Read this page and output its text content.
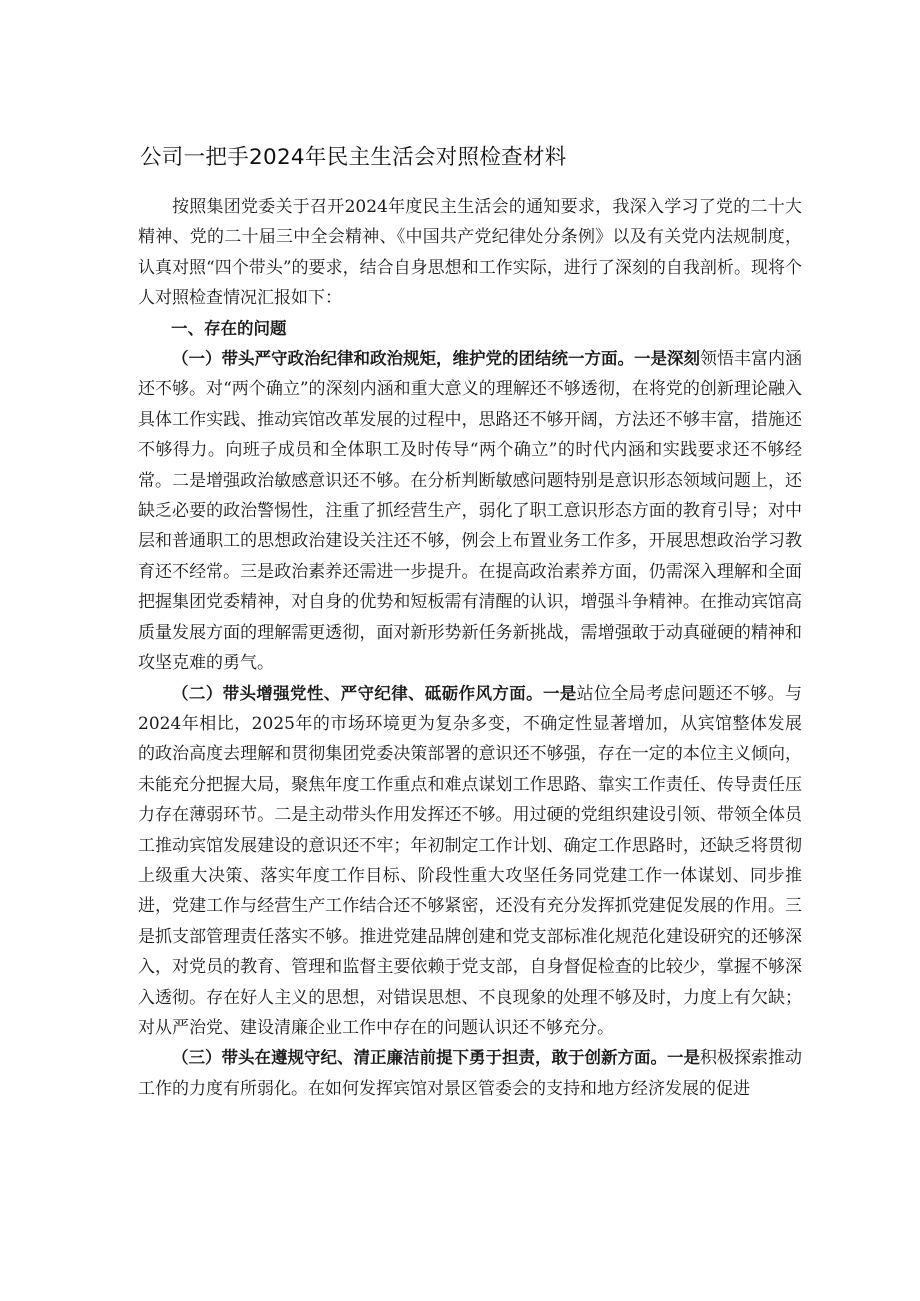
公司一把手2024年民主生活会对照检查材料

按照集团党委关于召开2024年度民主生活会的通知要求，我深入学习了党的二十大精神、党的二十届三中全会精神、《中国共产党纪律处分条例》以及有关党内法规制度，认真对照“四个带头”的要求，结合自身思想和工作实际，进行了深刻的自我剖析。现将个人对照检查情况汇报如下：

一、存在的问题

（一）带头严守政治纪律和政治规矩，维护党的团结统一方面。一是深刻领悟丰富内涵还不够。对“两个确立”的深刻内涵和重大意义的理解还不够透彻，在将党的创新理论融入具体工作实践、推动宾馆改革发展的过程中，思路还不够开阔，方法还不够丰富，措施还不够得力。向班子成员和全体职工及时传导“两个确立”的时代内涵和实践要求还不够经常。二是增强政治敏感意识还不够。在分析判断敏感问题特别是意识形态领域问题上，还缺乏必要的政治警惕性，注重了抓经营生产，弱化了职工意识形态方面的教育引导；对中层和普通职工的思想政治建设关注还不够，例会上布置业务工作多，开展思想政治学习教育还不经常。三是政治素养还需进一步提升。在提高政治素养方面，仍需深入理解和全面把握集团党委精神，对自身的优势和短板需有清醒的认识，增强斗争精神。在推动宾馆高质量发展方面的理解需更透彻，面对新形势新任务新挑战，需增强敢于动真碰硬的精神和攻坚克难的勇气。

（二）带头增强党性、严守纪律、砥砺作风方面。一是站位全局考虑问题还不够。与2024年相比，2025年的市场环境更为复杂多变，不确定性显著增加，从宾馆整体发展的政治高度去理解和贯彻集团党委决策部署的意识还不够强，存在一定的本位主义倾向，未能充分把握大局，聚焦年度工作重点和难点谋划工作思路、靠实工作责任、传导责任压力存在薄弱环节。二是主动带头作用发挥还不够。用过硬的党组织建设引领、带领全体员工推动宾馆发展建设的意识还不牢；年初制定工作计划、确定工作思路时，还缺乏将贯彻上级重大决策、落实年度工作目标、阶段性重大攻坚任务同党建工作一体谋划、同步推进，党建工作与经营生产工作结合还不够紧密，还没有充分发挥抓党建促发展的作用。三是抓支部管理责任落实不够。推进党建品牌创建和党支部标准化规范化建设研究的还够深入，对党员的教育、管理和监督主要依赖于党支部，自身督促检查的比较少，掌握不够深入透彻。存在好人主义的思想，对错误思想、不良现象的处理不够及时，力度上有欠缺；对从严治党、建设清廉企业工作中存在的问题认识还不够充分。

（三）带头在遵规守纪、清正廉洁前提下勇于担责，敢于创新方面。一是积极探索推动工作的力度有所弱化。在如何发挥宾馆对景区管委会的支持和地方经济发展的促进
